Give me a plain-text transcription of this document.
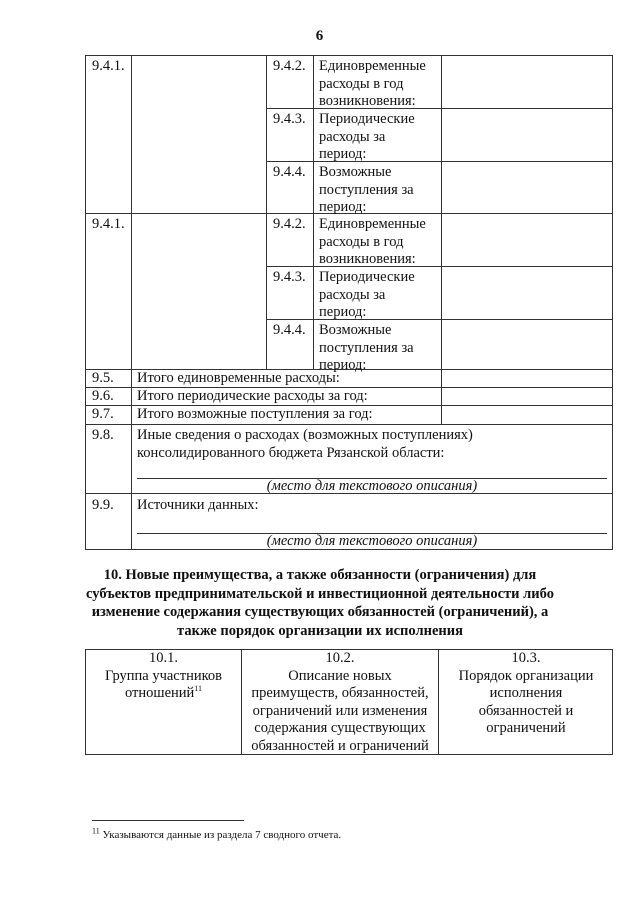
6
9.4.1.	9.4.2. Единовременные
расходы в год
возникновения:
9.4.3. Периодические
расходы за
период:
9.4.4. Возможные
поступления за
период:
9.4.1.	9.4.2. Единовременные
расходы в год
возникновения:
9.4.3. Периодические
расходы за
период:
9.4.4. Возможные
поступления за
период:
9.5. Итого единовременные расходы:
9.6. Итого периодические расходы за год:
9.7. Итого возможные поступления за год:
9.8. Иные сведения о расходах (возможных поступлениях)
консолидированного бюджета Рязанской области:
(место для текстового описания)
9.9. Источники данных:
(место для текстового описания)
10. Новые преимущества, а также обязанности (ограничения) для
субъектов предпринимательской и инвестиционной деятельности либо
изменение содержания существующих обязанностей (ограничений), а
также порядок организации их исполнения
10.1.
Группа участников
отношений$^{11}$
10.2.
Описание новых
преимуществ, обязанностей,
ограничений или изменения
содержания существующих
обязанностей и ограничений
10.3.
Порядок организации
исполнения
обязанностей и
ограничений
$^{11}$ Указываются данные из раздела 7 сводного отчета.
